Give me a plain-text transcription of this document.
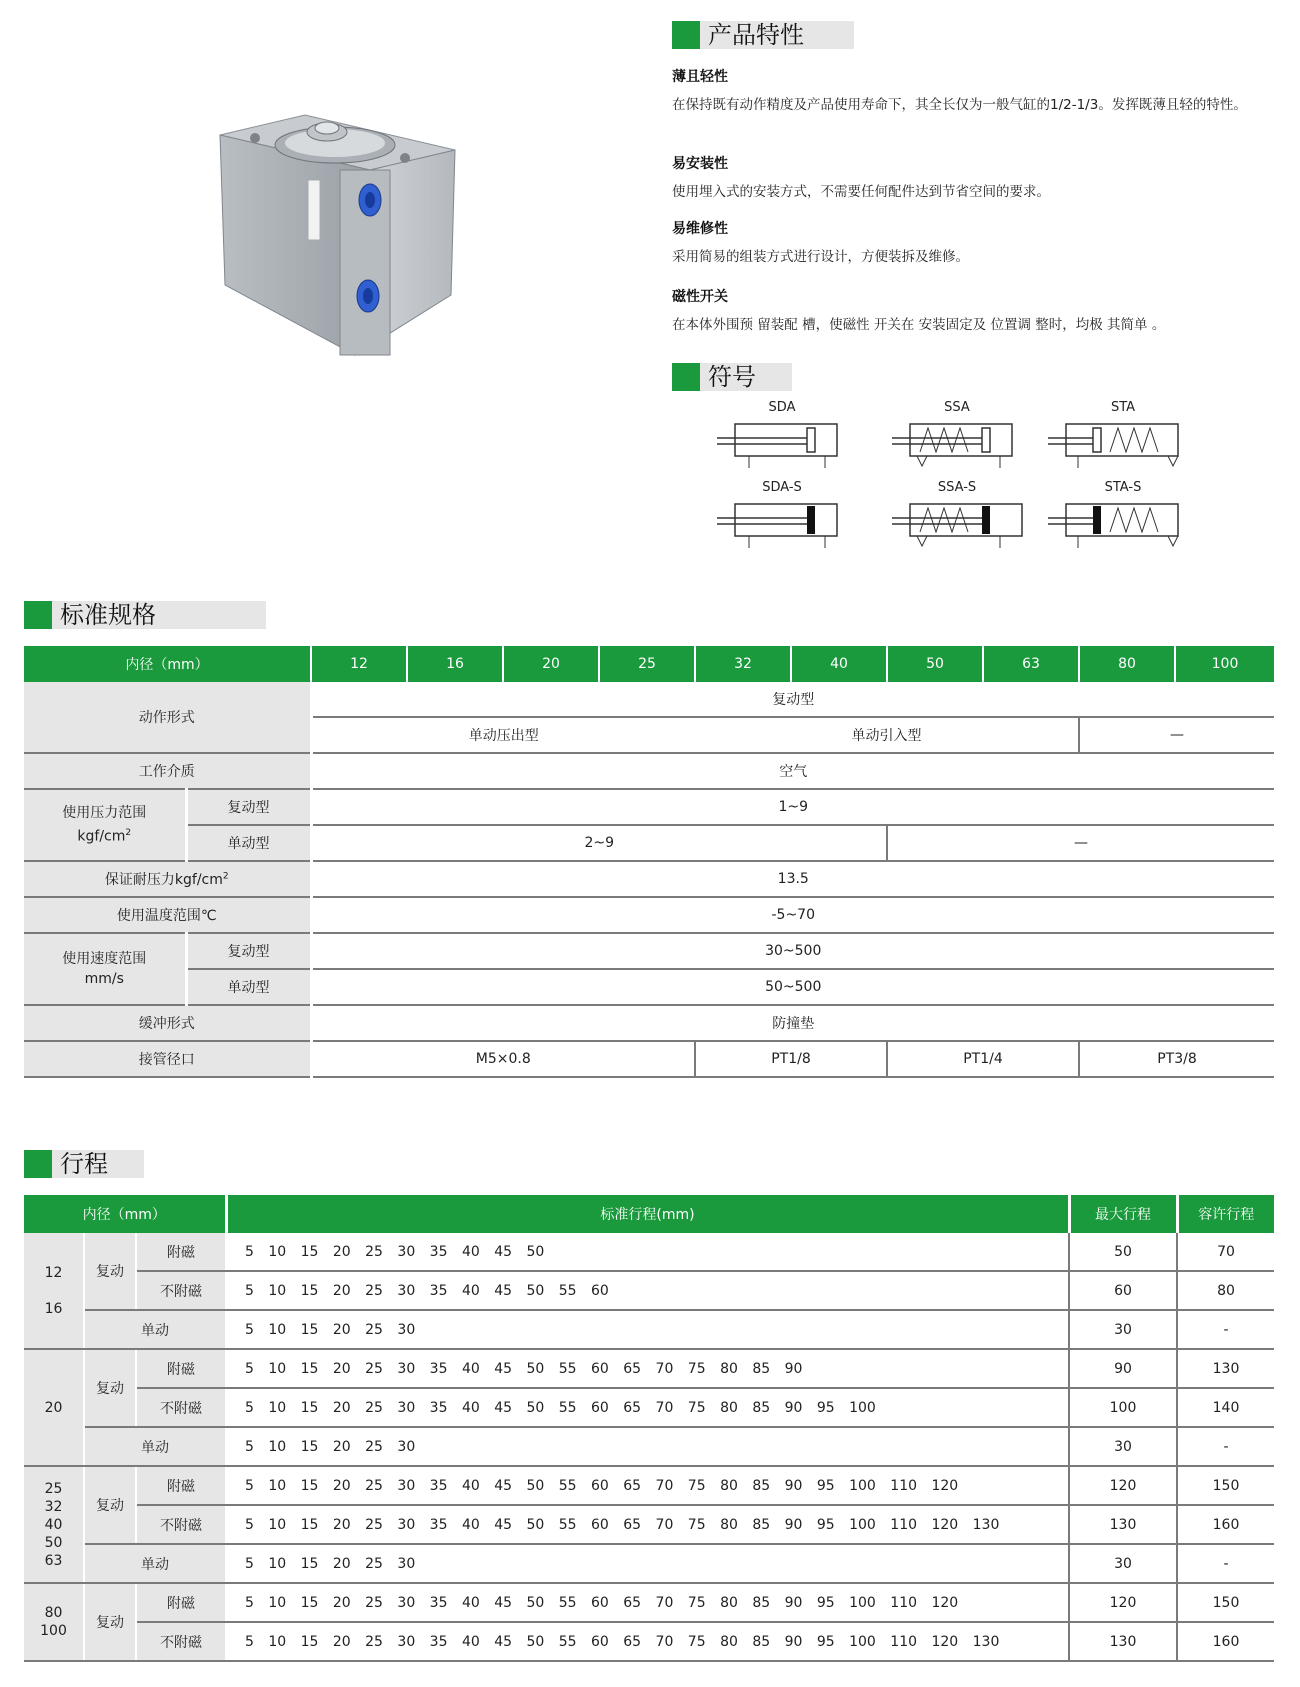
产品特性
薄且轻性

在保持既有动作精度及产品使用寿命下，其全长仅为一般气缸的1/2-1/3。发挥既薄且轻的特性。

易安装性

使用埋入式的安装方式，不需要任何配件达到节省空间的要求。

易维修性

采用简易的组装方式进行设计，方便装拆及维修。

磁性开关

在本体外围预 留装配 槽，使磁性 开关在 安装固定及 位置调 整时，均极 其简单 。

符号
SDA	SSA	STA
SDA-S	SSA-S	STA-S
标准规格
内径（mm）		12	16	20	25	32	40	50	63	80	100
动作形式		复动型									
		单动压出型				单动引入型				—	
工作介质		空气									
使用压力范围
kgf/$cm^2$	复动型	1~9									
	单动型	2~9						—			
保证耐压力kgf/$cm^2$		13.5									
使用温度范围℃		-5~70									
使用速度范围
mm/s	复动型	30~500									
	单动型	50~500									
缓冲形式		防撞垫									
接管径口		M5×0.8				PT1/8		PT1/4		PT3/8	
行程
内径（mm）			标准行程(mm)	最大行程	容许行程
12

16	复动	附磁	5 10 15 20 25 30 35 40 45 50	50	70
		不附磁	5 10 15 20 25 30 35 40 45 50 55 60	60	80
	单动		5 10 15 20 25 30	30	-
20	复动	附磁	5 10 15 20 25 30 35 40 45 50 55 60 65 70 75 80 85 90	90	130
		不附磁	5 10 15 20 25 30 35 40 45 50 55 60 65 70 75 80 85 90 95 100	100	140
	单动		5 10 15 20 25 30	30	-
25
32
40
50
63	复动	附磁	5 10 15 20 25 30 35 40 45 50 55 60 65 70 75 80 85 90 95 100 110 120	120	150
		不附磁	5 10 15 20 25 30 35 40 45 50 55 60 65 70 75 80 85 90 95 100 110 120 130	130	160
	单动		5 10 15 20 25 30	30	-
80
100	复动	附磁	5 10 15 20 25 30 35 40 45 50 55 60 65 70 75 80 85 90 95 100 110 120	120	150
		不附磁	5 10 15 20 25 30 35 40 45 50 55 60 65 70 75 80 85 90 95 100 110 120 130	130	160
